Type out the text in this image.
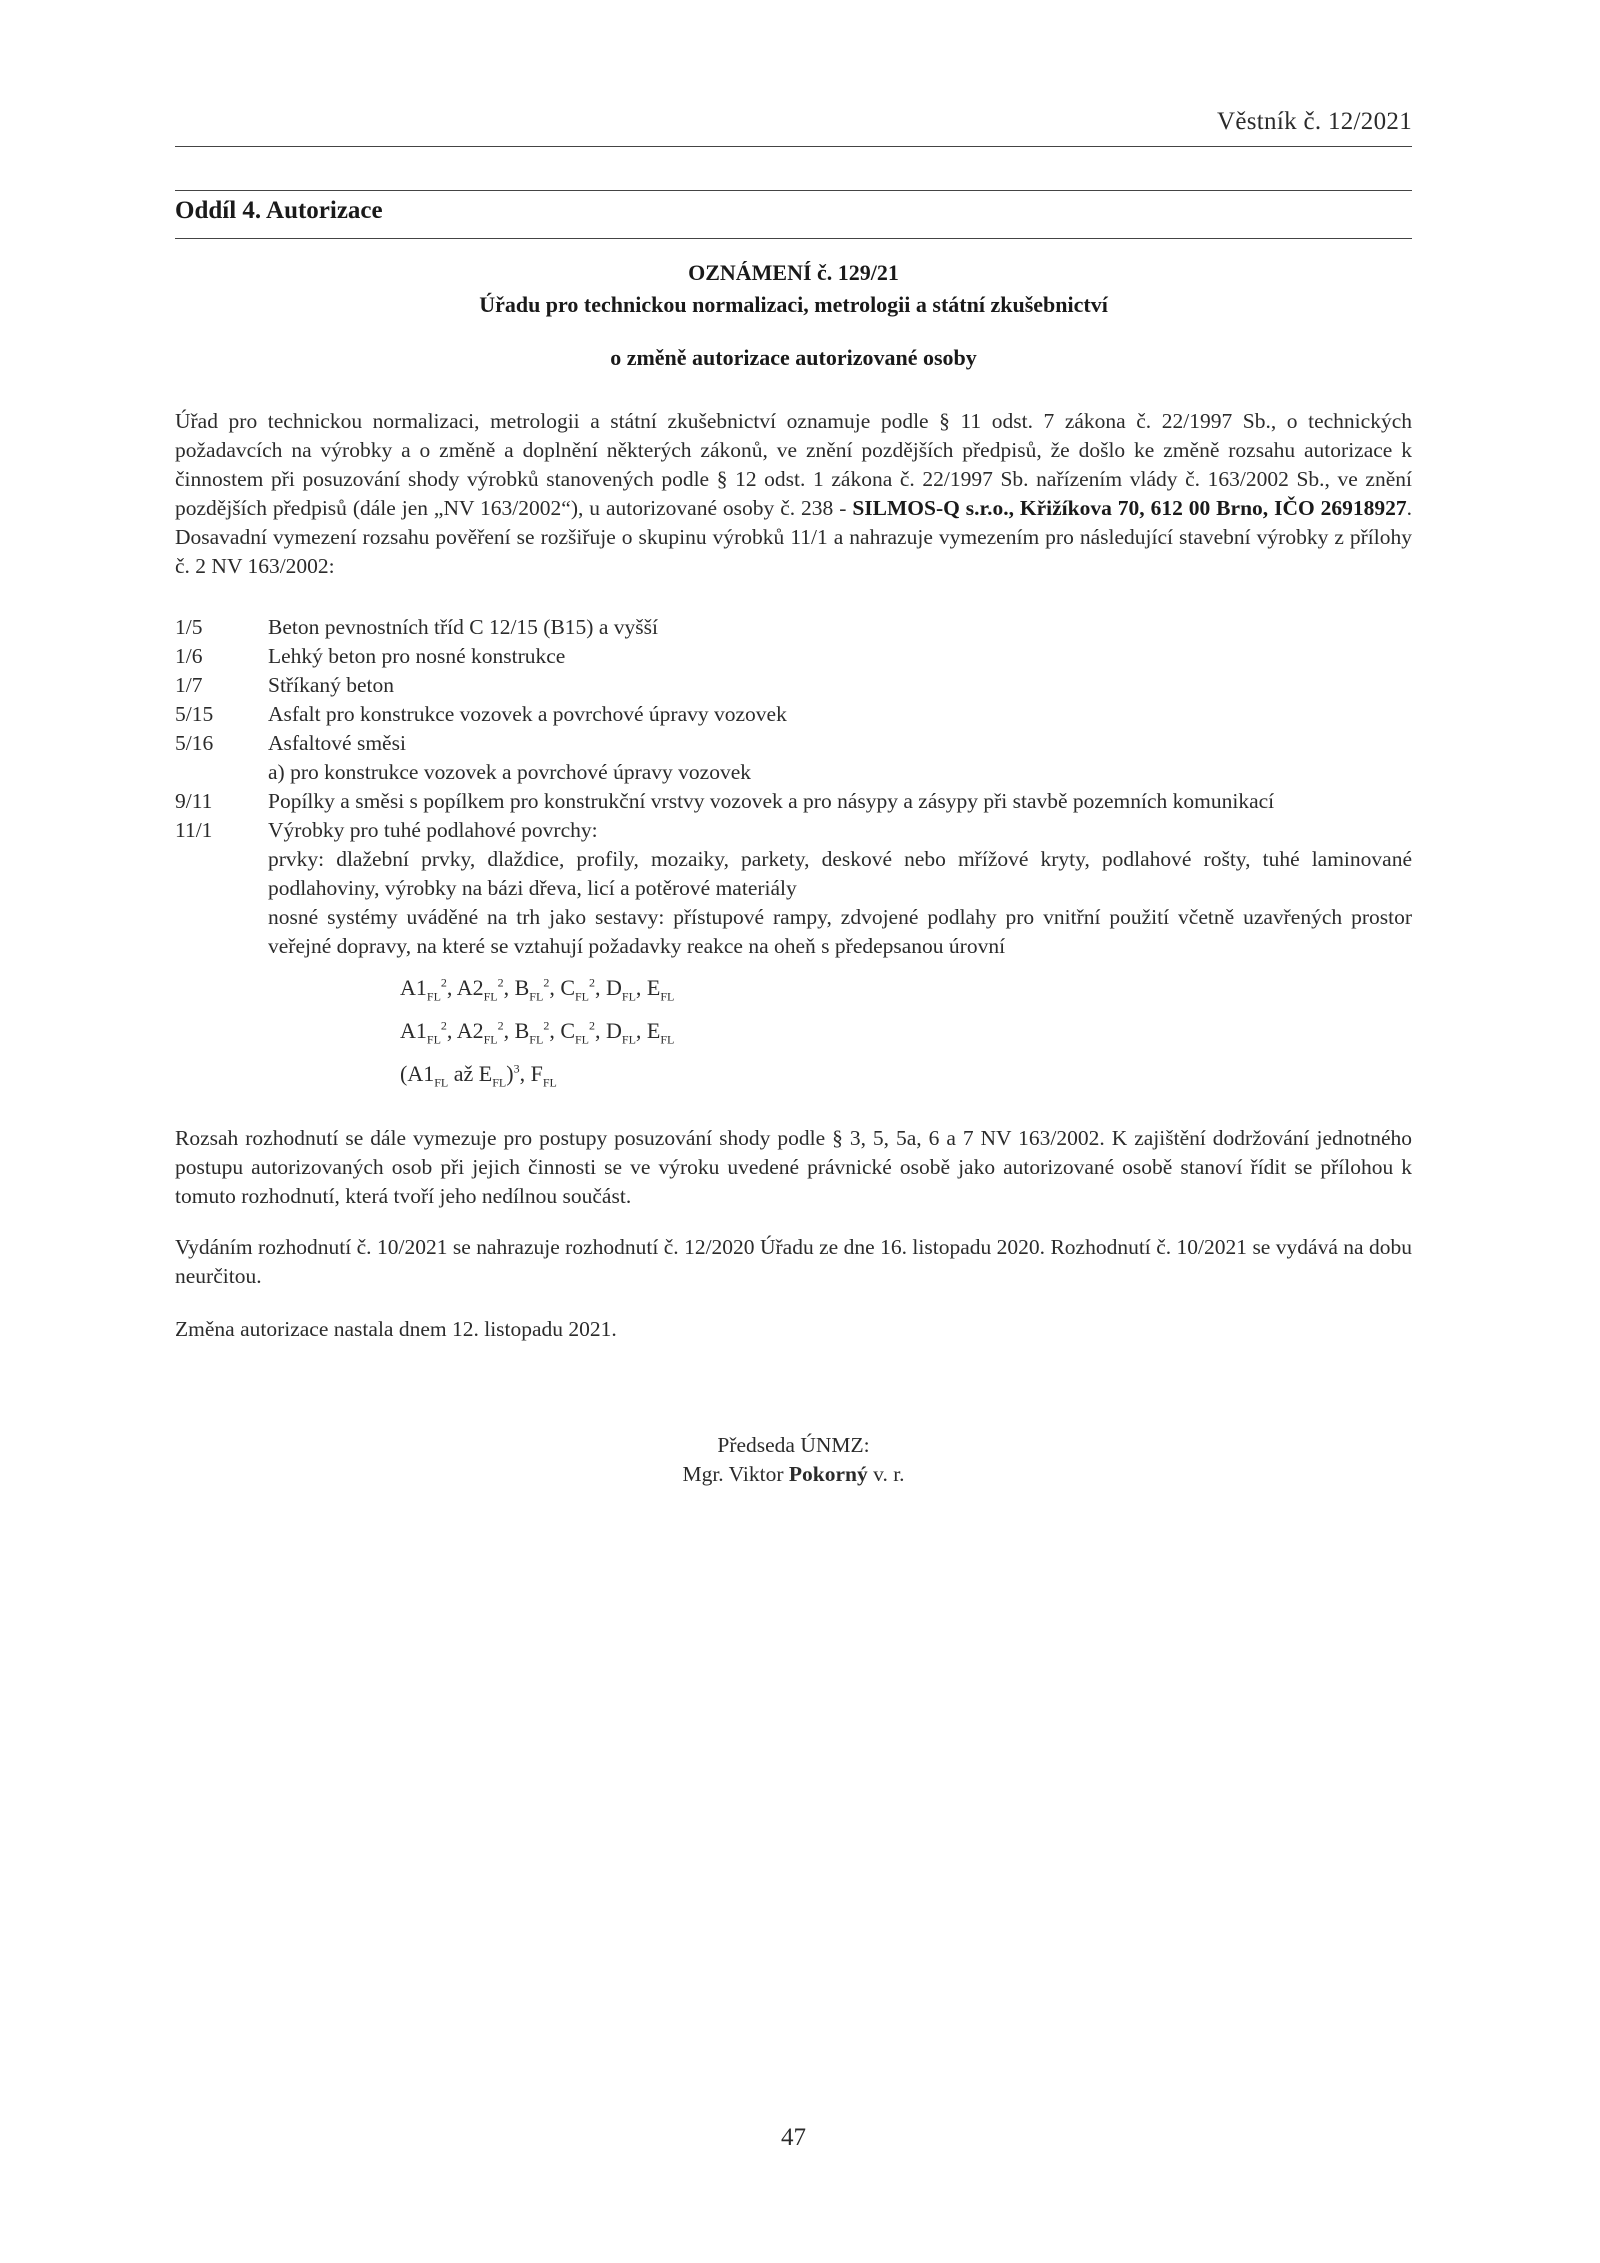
Věstník č. 12/2021
Oddíl 4. Autorizace
OZNÁMENÍ č. 129/21
Úřadu pro technickou normalizaci, metrologii a státní zkušebnictví
o změně autorizace autorizované osoby

Úřad pro technickou normalizaci, metrologii a státní zkušebnictví oznamuje podle § 11 odst. 7 zákona č. 22/1997 Sb., o technických požadavcích na výrobky a o změně a doplnění některých zákonů, ve znění pozdějších předpisů, že došlo ke změně rozsahu autorizace k činnostem při posuzování shody výrobků stanovených podle § 12 odst. 1 zákona č. 22/1997 Sb. nařízením vlády č. 163/2002 Sb., ve znění pozdějších předpisů (dále jen „NV 163/2002“), u autorizované osoby č. 238 - SILMOS-Q s.r.o., Křižíkova 70, 612 00 Brno, IČO 26918927. Dosavadní vymezení rozsahu pověření se rozšiřuje o skupinu výrobků 11/1 a nahrazuje vymezením pro následující stavební výrobky z přílohy č. 2 NV 163/2002:

1/5	Beton pevnostních tříd C 12/15 (B15) a vyšší
1/6	Lehký beton pro nosné konstrukce
1/7	Stříkaný beton
5/15	Asfalt pro konstrukce vozovek a povrchové úpravy vozovek
5/16	Asfaltové směsi
a) pro konstrukce vozovek a povrchové úpravy vozovek
9/11	Popílky a směsi s popílkem pro konstrukční vrstvy vozovek a pro násypy a zásypy při stavbě pozemních komunikací
11/1	Výrobky pro tuhé podlahové povrchy:

prvky: dlažební prvky, dlaždice, profily, mozaiky, parkety, deskové nebo mřížové kryty, podlahové rošty, tuhé laminované podlahoviny, výrobky na bázi dřeva, licí a potěrové materiály

nosné systémy uváděné na trh jako sestavy: přístupové rampy, zdvojené podlahy pro vnitřní použití včetně uzavřených prostor veřejné dopravy, na které se vztahují požadavky reakce na oheň s předepsanou úrovní

$A1_{FL}^2$, $A2_{FL}^2$, $B_{FL}^2$, $C_{FL}^2$, $D_{FL}$, $E_{FL}$
$A1_{FL}^2$, $A2_{FL}^2$, $B_{FL}^2$, $C_{FL}^2$, $D_{FL}$, $E_{FL}$
($A1_{FL}$ až $E_{FL})^3$, $F_{FL}$

Rozsah rozhodnutí se dále vymezuje pro postupy posuzování shody podle § 3, 5, 5a, 6 a 7 NV 163/2002. K zajištění dodržování jednotného postupu autorizovaných osob při jejich činnosti se ve výroku uvedené právnické osobě jako autorizované osobě stanoví řídit se přílohou k tomuto rozhodnutí, která tvoří jeho nedílnou součást.

Vydáním rozhodnutí č. 10/2021 se nahrazuje rozhodnutí č. 12/2020 Úřadu ze dne 16. listopadu 2020. Rozhodnutí č. 10/2021 se vydává na dobu neurčitou.

Změna autorizace nastala dnem 12. listopadu 2021.

Předseda ÚNMZ:
Mgr. Viktor Pokorný v. r.
47
